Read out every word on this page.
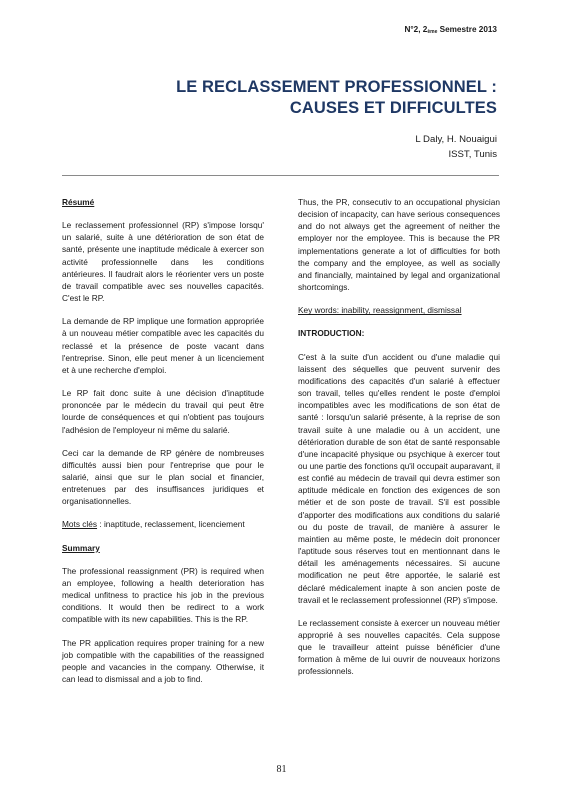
N°2, $2_{ème}$ Semestre 2013
LE RECLASSEMENT PROFESSIONNEL :
CAUSES ET DIFFICULTES
L Daly, H. Nouaigui
ISST, Tunis

Résumé

Le reclassement professionnel (RP) s'impose lorsqu' un salarié, suite à une détérioration de son état de santé, présente une inaptitude médicale à exercer son activité professionnelle dans les conditions antérieures. Il faudrait alors le réorienter vers un poste de travail compatible avec ses nouvelles capacités. C'est le RP.

La demande de RP implique une formation appropriée à un nouveau métier compatible avec les capacités du reclassé et la présence de poste vacant dans l'entreprise. Sinon, elle peut mener à un licenciement et à une recherche d'emploi.

Le RP fait donc suite à une décision d'inaptitude prononcée par le médecin du travail qui peut être lourde de conséquences et qui n'obtient pas toujours l'adhésion de l'employeur ni même du salarié.

Ceci car la demande de RP génère de nombreuses difficultés aussi bien pour l'entreprise que pour le salarié, ainsi que sur le plan social et financier, entretenues par des insuffisances juridiques et organisationnelles.

Mots clés : inaptitude, reclassement, licenciement

Summary

The professional reassignment (PR) is required when an employee, following a health deterioration has medical unfitness to practice his job in the previous conditions. It would then be redirect to a work compatible with its new capabilities. This is the RP.

The PR application requires proper training for a new job compatible with the capabilities of the reassigned people and vacancies in the company. Otherwise, it can lead to dismissal and a job to find.

Thus, the PR, consecutiv to an occupational physician decision of incapacity, can have serious consequences and do not always get the agreement of neither the employer nor the employee. This is because the PR implementations generate a lot of difficulties for both the company and the employee, as well as socially and financially, maintained by legal and organizational shortcomings.

Key words: inability, reassignment, dismissal

INTRODUCTION:

C'est à la suite d'un accident ou d'une maladie qui laissent des séquelles que peuvent survenir des modifications des capacités d'un salarié à effectuer son travail, telles qu'elles rendent le poste d'emploi incompatibles avec les modifications de son état de santé : lorsqu'un salarié présente, à la reprise de son travail suite à une maladie ou à un accident, une détérioration durable de son état de santé responsable d'une incapacité physique ou psychique à exercer tout ou une partie des fonctions qu'il occupait auparavant, il est confié au médecin de travail qui devra estimer son aptitude médicale en fonction des exigences de son métier et de son poste de travail. S'il est possible d'apporter des modifications aux conditions du salarié ou du poste de travail, de manière à assurer le maintien au même poste, le médecin doit prononcer l'aptitude sous réserves tout en mentionnant dans le détail les aménagements nécessaires. Si aucune modification ne peut être apportée, le salarié est déclaré médicalement inapte à son ancien poste de travail et le reclassement professionnel (RP) s'impose.

Le reclassement consiste à exercer un nouveau métier approprié à ses nouvelles capacités. Cela suppose que le travailleur atteint puisse bénéficier d'une formation à même de lui ouvrir de nouveaux horizons professionnels.

81
